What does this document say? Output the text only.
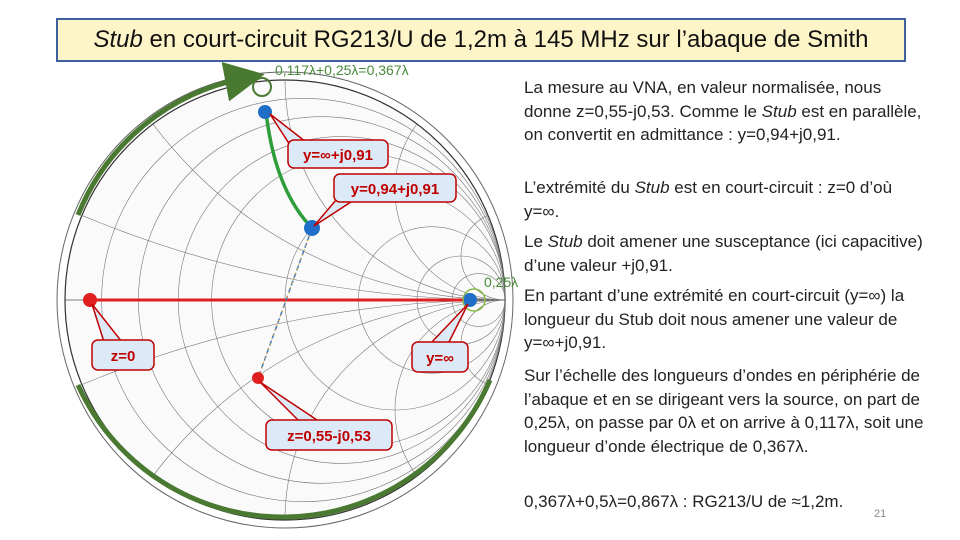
Stub en court-circuit RG213/U de 1,2m à 145 MHz sur l’abaque de Smith
y=∞+j0,91
y=0,94+j0,91
z=0	y=∞
z=0,55-j0,53
0,117λ+0,25λ=0,367λ
0,25λ
La mesure au VNA, en valeur normalisée, nous donne z=0,55-j0,53. Comme le Stub est en parallèle, on convertit en admittance : y=0,94+j0,91.
L’extrémité du Stub est en court-circuit : z=0 d’où y=∞.
Le Stub doit amener une susceptance (ici capacitive) d’une valeur +j0,91.
En partant d’une extrémité en court-circuit (y=∞) la longueur du Stub doit nous amener une valeur de y=∞+j0,91.
Sur l’échelle des longueurs d’ondes en périphérie de l’abaque et en se dirigeant vers la source, on part de 0,25λ, on passe par 0λ et on arrive à 0,117λ, soit une longueur d’onde électrique de 0,367λ.
0,367λ+0,5λ=0,867λ : RG213/U de ≈1,2m.
21
